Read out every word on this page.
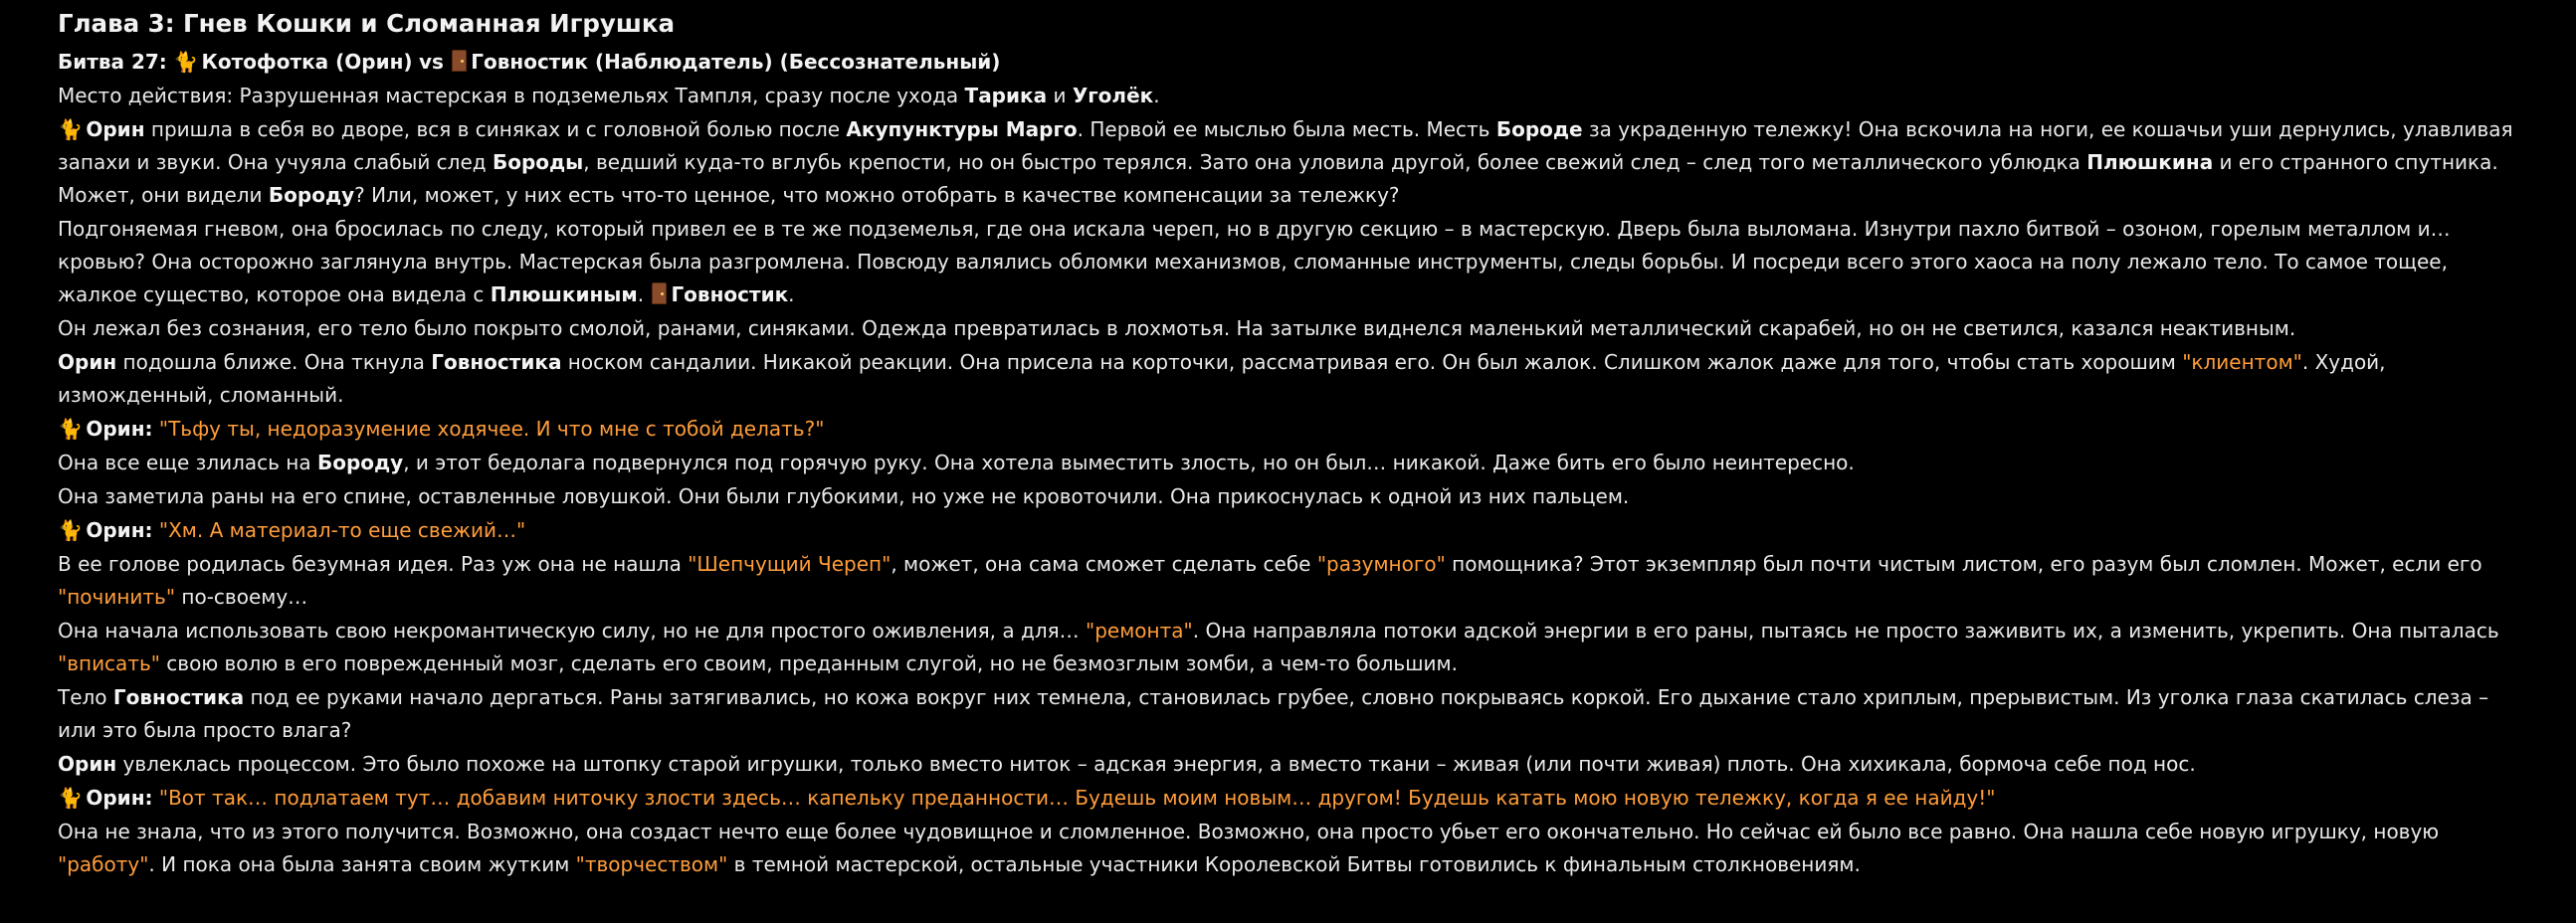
Глава 3: Гнев Кошки и Сломанная Игрушка

Битва 27: 🐈 Котофотка (Орин) vs Говностик (Наблюдатель) (Бессознательный)

Место действия: Разрушенная мастерская в подземельях Тампля, сразу после ухода Тарика и Уголёк.

🐈 Орин пришла в себя во дворе, вся в синяках и с головной болью после Акупунктуры Марго. Первой ее мыслью была месть. Месть Бороде за украденную тележку! Она вскочила на ноги, ее кошачьи уши дернулись, улавливая запахи и звуки. Она учуяла слабый след Бороды, ведший куда-то вглубь крепости, но он быстро терялся. Зато она уловила другой, более свежий след – след того металлического ублюдка Плюшкина и его странного спутника. Может, они видели Бороду? Или, может, у них есть что-то ценное, что можно отобрать в качестве компенсации за тележку?

Подгоняемая гневом, она бросилась по следу, который привел ее в те же подземелья, где она искала череп, но в другую секцию – в мастерскую. Дверь была выломана. Изнутри пахло битвой – озоном, горелым металлом и… кровью? Она осторожно заглянула внутрь. Мастерская была разгромлена. Повсюду валялись обломки механизмов, сломанные инструменты, следы борьбы. И посреди всего этого хаоса на полу лежало тело. То самое тощее, жалкое существо, которое она видела с Плюшкиным. Говностик.

Он лежал без сознания, его тело было покрыто смолой, ранами, синяками. Одежда превратилась в лохмотья. На затылке виднелся маленький металлический скарабей, но он не светился, казался неактивным.

Орин подошла ближе. Она ткнула Говностика носком сандалии. Никакой реакции. Она присела на корточки, рассматривая его. Он был жалок. Слишком жалок даже для того, чтобы стать хорошим "клиентом". Худой, изможденный, сломанный.

🐈 Орин: "Тьфу ты, недоразумение ходячее. И что мне с тобой делать?"

Она все еще злилась на Бороду, и этот бедолага подвернулся под горячую руку. Она хотела выместить злость, но он был… никакой. Даже бить его было неинтересно.

Она заметила раны на его спине, оставленные ловушкой. Они были глубокими, но уже не кровоточили. Она прикоснулась к одной из них пальцем.

🐈 Орин: "Хм. А материал-то еще свежий…"

В ее голове родилась безумная идея. Раз уж она не нашла "Шепчущий Череп", может, она сама сможет сделать себе "разумного" помощника? Этот экземпляр был почти чистым листом, его разум был сломлен. Может, если его "починить" по-своему…

Она начала использовать свою некромантическую силу, но не для простого оживления, а для… "ремонта". Она направляла потоки адской энергии в его раны, пытаясь не просто заживить их, а изменить, укрепить. Она пыталась "вписать" свою волю в его поврежденный мозг, сделать его своим, преданным слугой, но не безмозглым зомби, а чем-то большим.

Тело Говностика под ее руками начало дергаться. Раны затягивались, но кожа вокруг них темнела, становилась грубее, словно покрываясь коркой. Его дыхание стало хриплым, прерывистым. Из уголка глаза скатилась слеза – или это была просто влага?

Орин увлеклась процессом. Это было похоже на штопку старой игрушки, только вместо ниток – адская энергия, а вместо ткани – живая (или почти живая) плоть. Она хихикала, бормоча себе под нос.

🐈 Орин: "Вот так… подлатаем тут… добавим ниточку злости здесь… капельку преданности… Будешь моим новым… другом! Будешь катать мою новую тележку, когда я ее найду!"

Она не знала, что из этого получится. Возможно, она создаст нечто еще более чудовищное и сломленное. Возможно, она просто убьет его окончательно. Но сейчас ей было все равно. Она нашла себе новую игрушку, новую "работу". И пока она была занята своим жутким "творчеством" в темной мастерской, остальные участники Королевской Битвы готовились к финальным столкновениям.
